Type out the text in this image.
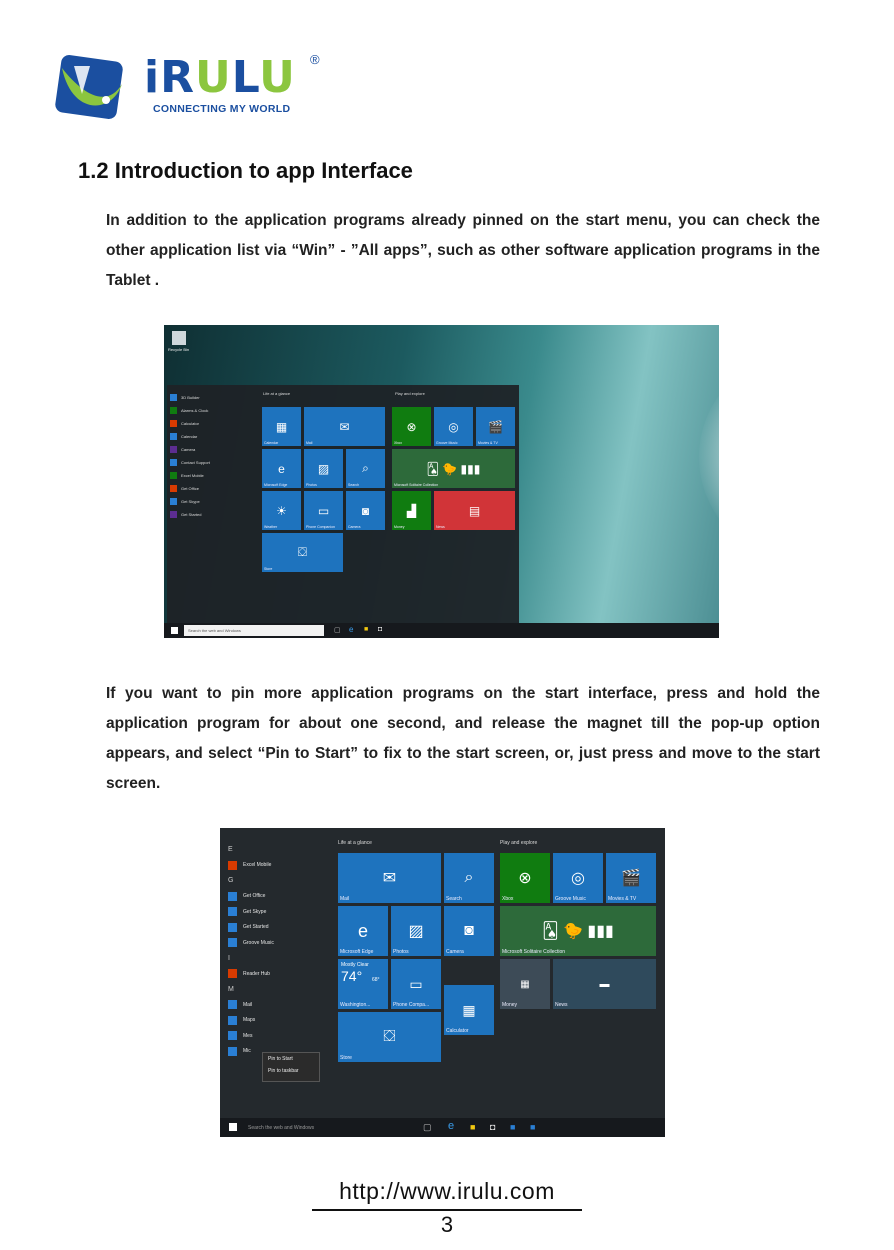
iRULU ®
CONNECTING MY WORLD
1.2 Introduction to app Interface
In addition to the application programs already pinned on the start menu, you can check the other application list via “Win” - ”All apps”, such as other software application programs in the Tablet .
Recycle Bin
3D Builder
Alarms & Clock
Calculator
Calendar
Camera
Contact Support
Excel Mobile
Get Office
Get Skype
Get Started
Life at a glance	Play and explore
▦
Calendar
✉
Mail
⊗
Xbox
◎
Groove Music
🎬
Movies & TV
e
Microsoft Edge
▨
Photos
⌕
Search
🂡 🐤 ▮▮▮
Microsoft Solitaire Collection
☀
Weather
▭
Phone Companion
◙
Camera
▟
Money
▤
News
⛋
Store
Search the web and Windows	▢ e ■ ◘
If you want to pin more application programs on the start interface, press and hold the application program for about one second, and release the magnet till the pop-up option appears, and select “Pin to Start” to fix to the start screen, or, just press and move to the start screen.
E
Excel Mobile
G
Get Office
Get Skype
Get Started
Groove Music
I
Reader Hub
M
Mail
Maps
Mes
Mic
Life at a glance	Play and explore
✉
Mail
⌕
Search
⊗
Xbox
◎
Groove Music
🎬
Movies & TV
e
Microsoft Edge
▨
Photos
◙
Camera
🂡 🐤 ▮▮▮
Microsoft Solitaire Collection
Mostly Clear
74° 68°
Washington...
▭
Phone Compa... ▦
Calculator
▦
Money
▬
News
⛋
Store
Pin to Start
Pin to taskbar
Search the web and Windows	▢ e ■ ◘ ■ ■
http://www.irulu.com
3
